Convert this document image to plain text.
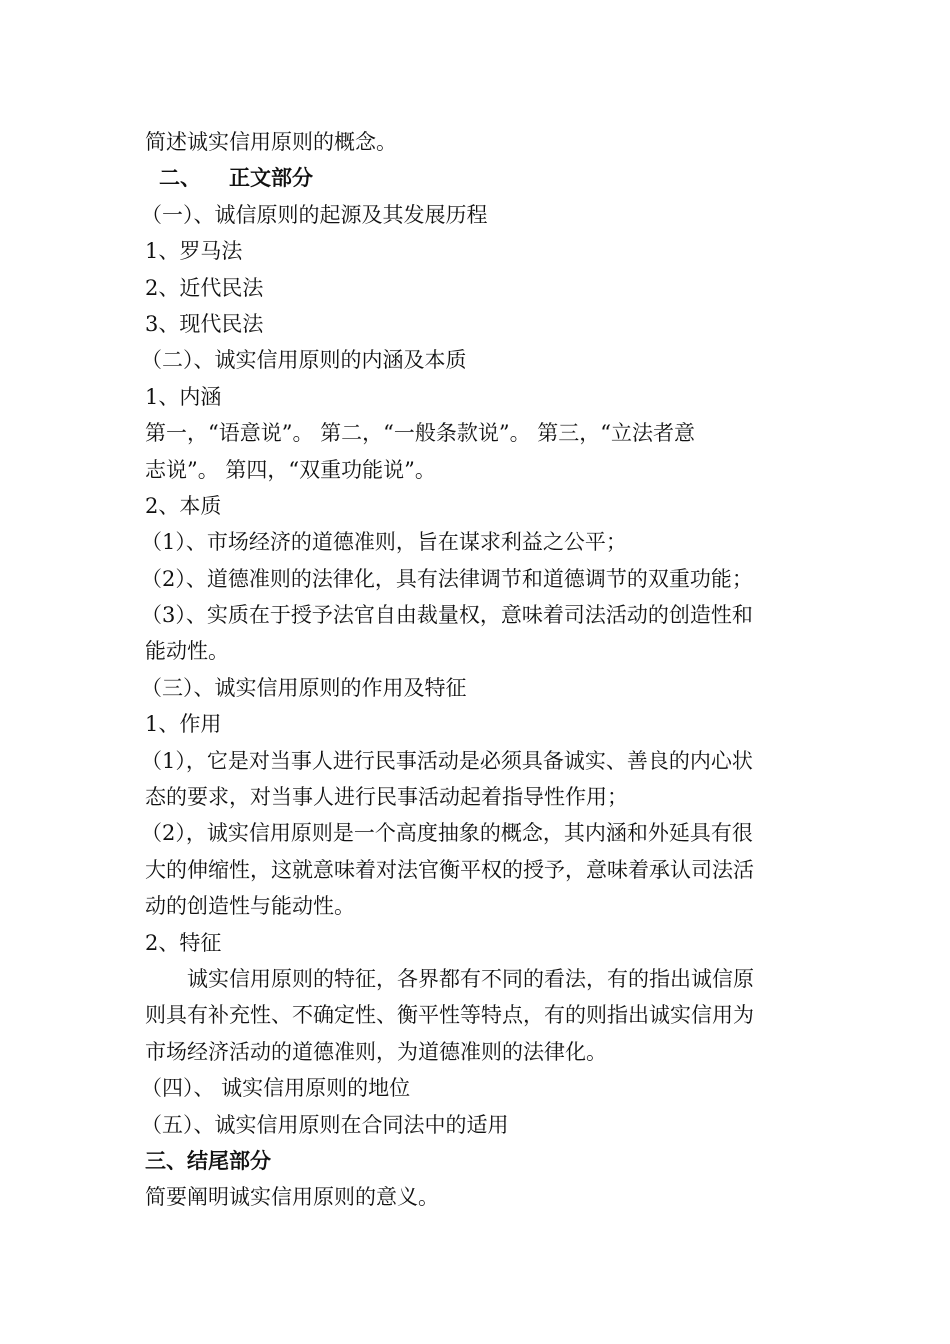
简述诚实信用原则的概念。
二、 正文部分
（一）、诚信原则的起源及其发展历程
1、罗马法
2、近代民法
3、现代民法
（二）、诚实信用原则的内涵及本质
1、内涵
第一，“语意说”。 第二，“一般条款说”。 第三，“立法者意
志说”。 第四，“双重功能说”。
2、本质
（1）、市场经济的道德准则，旨在谋求利益之公平；
（2）、道德准则的法律化，具有法律调节和道德调节的双重功能；
（3）、实质在于授予法官自由裁量权，意味着司法活动的创造性和
能动性。
（三）、诚实信用原则的作用及特征
1、作用
（1），它是对当事人进行民事活动是必须具备诚实、善良的内心状
态的要求，对当事人进行民事活动起着指导性作用；
（2），诚实信用原则是一个高度抽象的概念，其内涵和外延具有很
大的伸缩性，这就意味着对法官衡平权的授予，意味着承认司法活
动的创造性与能动性。
2、特征
诚实信用原则的特征，各界都有不同的看法，有的指出诚信原
则具有补充性、不确定性、衡平性等特点，有的则指出诚实信用为
市场经济活动的道德准则，为道德准则的法律化。
（四）、 诚实信用原则的地位
（五）、诚实信用原则在合同法中的适用
三、结尾部分
简要阐明诚实信用原则的意义。
